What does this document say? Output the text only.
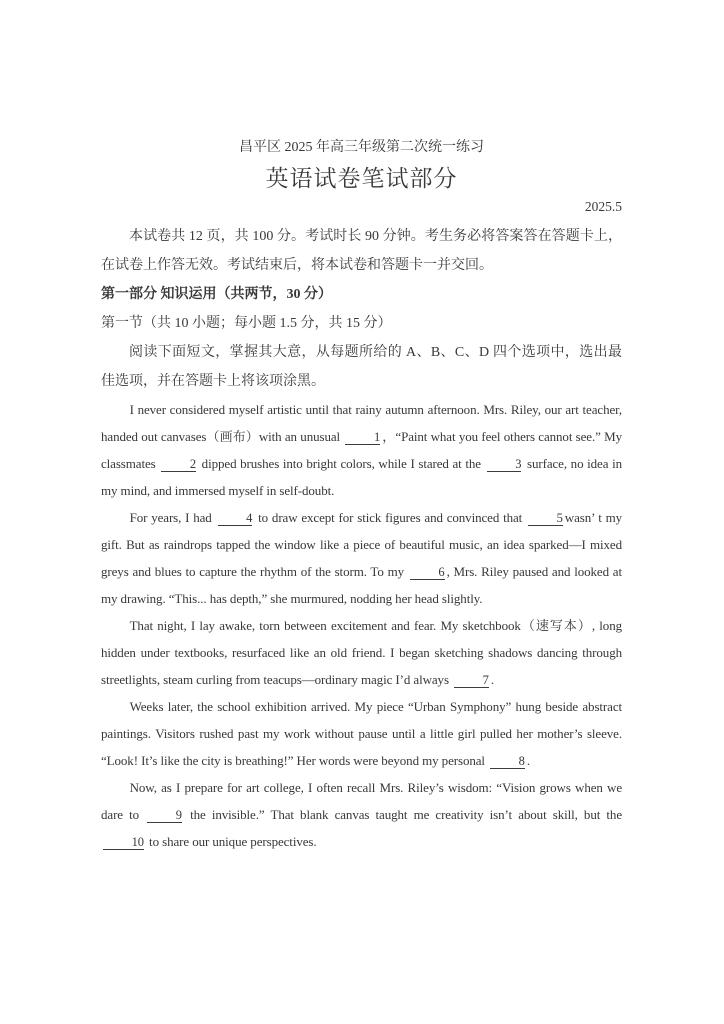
昌平区 2025 年高三年级第二次统一练习
英语试卷笔试部分
2025.5

本试卷共 12 页，共 100 分。考试时长 90 分钟。考生务必将答案答在答题卡上，在试卷上作答无效。考试结束后，将本试卷和答题卡一并交回。

第一部分 知识运用（共两节，30 分）

第一节（共 10 小题；每小题 1.5 分，共 15 分）

阅读下面短文，掌握其大意，从每题所给的 A、B、C、D 四个选项中，选出最佳选项，并在答题卡上将该项涂黑。

I never considered myself artistic until that rainy autumn afternoon. Mrs. Riley, our art teacher, handed out canvases（画布）with an unusual 1 ，“Paint what you feel others cannot see.” My classmates 2 dipped brushes into bright colors, while I stared at the 3 surface, no idea in my mind, and immersed myself in self-doubt.

For years, I had 4 to draw except for stick figures and convinced that 5 wasn’ t my gift. But as raindrops tapped the window like a piece of beautiful music, an idea sparked—I mixed greys and blues to capture the rhythm of the storm. To my 6 , Mrs. Riley paused and looked at my drawing. “This... has depth,” she murmured, nodding her head slightly.

That night, I lay awake, torn between excitement and fear. My sketchbook（速写本）, long hidden under textbooks, resurfaced like an old friend. I began sketching shadows dancing through streetlights, steam curling from teacups—ordinary magic I’d always 7 .

Weeks later, the school exhibition arrived. My piece “Urban Symphony” hung beside abstract paintings. Visitors rushed past my work without pause until a little girl pulled her mother’s sleeve. “Look! It’s like the city is breathing!” Her words were beyond my personal 8 .

Now, as I prepare for art college, I often recall Mrs. Riley’s wisdom: “Vision grows when we dare to 9 the invisible.” That blank canvas taught me creativity isn’t about skill, but the 10 to share our unique perspectives.
